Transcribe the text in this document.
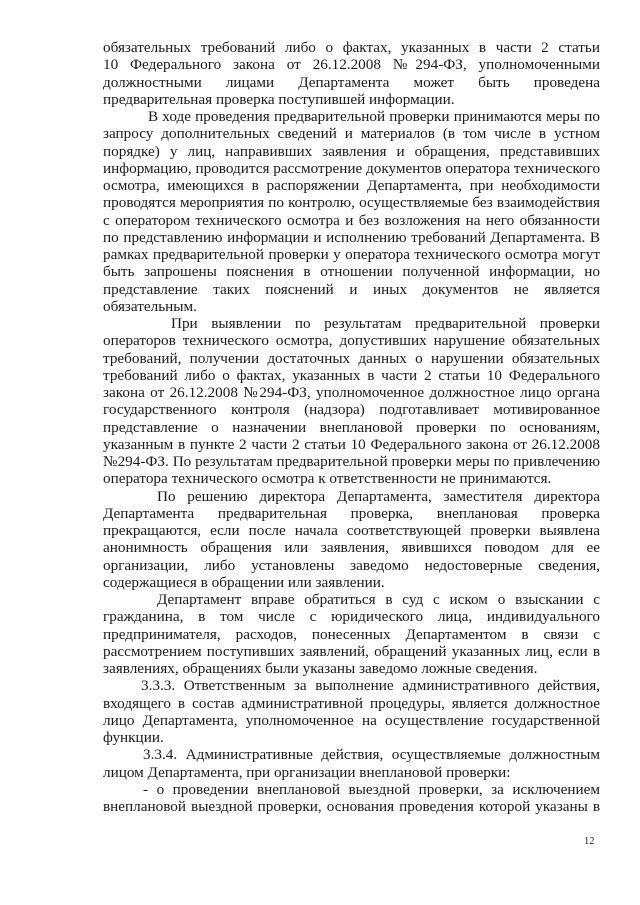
обязательных требований либо о фактах, указанных в части 2 статьи
10 Федерального закона от 26.12.2008 №294-ФЗ, уполномоченными
должностными лицами Департамента может быть проведена
предварительная проверка поступившей информации.
В ходе проведения предварительной проверки принимаются меры по
запросу дополнительных сведений и материалов (в том числе в устном
порядке) у лиц, направивших заявления и обращения, представивших
информацию, проводится рассмотрение документов оператора технического
осмотра, имеющихся в распоряжении Департамента, при необходимости
проводятся мероприятия по контролю, осуществляемые без взаимодействия
с оператором технического осмотра и без возложения на него обязанности
по представлению информации и исполнению требований Департамента. В
рамках предварительной проверки у оператора технического осмотра могут
быть запрошены пояснения в отношении полученной информации, но
представление таких пояснений и иных документов не является
обязательным.
При выявлении по результатам предварительной проверки
операторов технического осмотра, допустивших нарушение обязательных
требований, получении достаточных данных о нарушении обязательных
требований либо о фактах, указанных в части 2 статьи 10 Федерального
закона от 26.12.2008 №294-ФЗ, уполномоченное должностное лицо органа
государственного контроля (надзора) подготавливает мотивированное
представление о назначении внеплановой проверки по основаниям,
указанным в пункте 2 части 2 статьи 10 Федерального закона от 26.12.2008
№294-ФЗ. По результатам предварительной проверки меры по привлечению
оператора технического осмотра к ответственности не принимаются.
По решению директора Департамента, заместителя директора
Департамента предварительная проверка, внеплановая проверка
прекращаются, если после начала соответствующей проверки выявлена
анонимность обращения или заявления, явившихся поводом для ее
организации, либо установлены заведомо недостоверные сведения,
содержащиеся в обращении или заявлении.
Департамент вправе обратиться в суд с иском о взыскании с
гражданина, в том числе с юридического лица, индивидуального
предпринимателя, расходов, понесенных Департаментом в связи с
рассмотрением поступивших заявлений, обращений указанных лиц, если в
заявлениях, обращениях были указаны заведомо ложные сведения.
3.3.3. Ответственным за выполнение административного действия,
входящего в состав административной процедуры, является должностное
лицо Департамента, уполномоченное на осуществление государственной
функции.
3.3.4. Административные действия, осуществляемые должностным
лицом Департамента, при организации внеплановой проверки:
- о проведении внеплановой выездной проверки, за исключением
внеплановой выездной проверки, основания проведения которой указаны в
12
